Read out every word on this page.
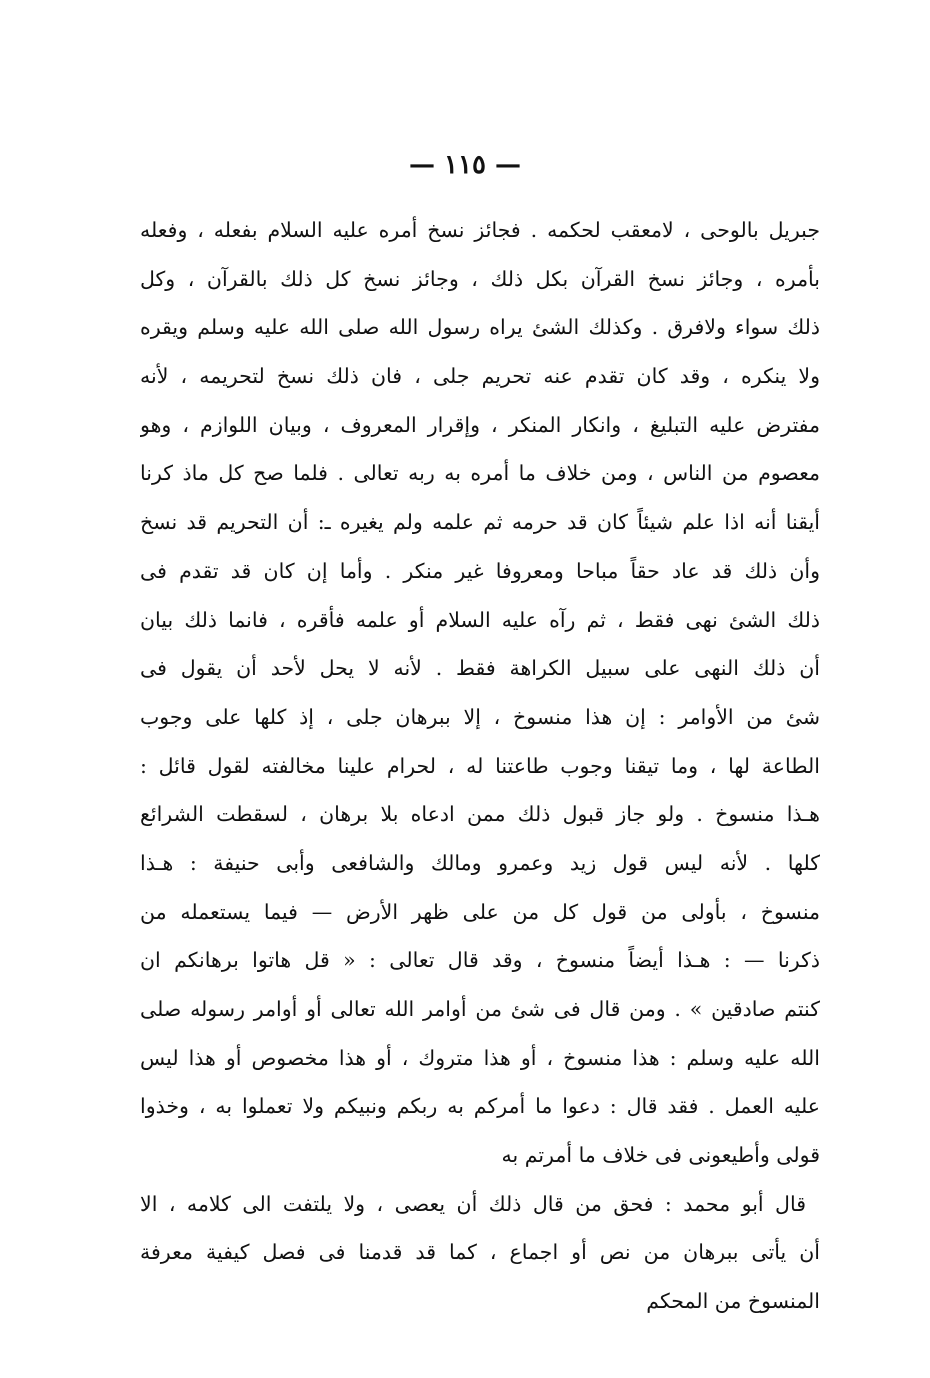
— ١١٥ —
جبريل بالوحى ، لامعقب لحكمه . فجائز نسخ أمره عليه السلام بفعله ، وفعله
بأمره ، وجائز نسخ القرآن بكل ذلك ، وجائز نسخ كل ذلك بالقرآن ، وكل
ذلك سواء ولافرق . وكذلك الشئ يراه رسول الله صلى الله عليه وسلم ويقره
ولا ينكره ، وقد كان تقدم عنه تحريم جلى ، فان ذلك نسخ لتحريمه ، لأنه
مفترض عليه التبليغ ، وانكار المنكر ، وإقرار المعروف ، وبيان اللوازم ، وهو
معصوم من الناس ، ومن خلاف ما أمره به ربه تعالى . فلما صح كل ماذ كرنا
أيقنا أنه اذا علم شيئاً كان قد حرمه ثم علمه ولم يغيره ـ: أن التحريم قد نسخ
وأن ذلك قد عاد حقاً مباحا ومعروفا غير منكر . وأما إن كان قد تقدم فى
ذلك الشئ نهى فقط ، ثم رآه عليه السلام أو علمه فأقره ، فانما ذلك بيان
أن ذلك النهى على سبيل الكراهة فقط . لأنه لا يحل لأحد أن يقول فى
شئ من الأوامر : إن هذا منسوخ ، إلا ببرهان جلى ، إذ كلها على وجوب
الطاعة لها ، وما تيقنا وجوب طاعتنا له ، لحرام علينا مخالفته لقول قائل :
هـذا منسوخ . ولو جاز قبول ذلك ممن ادعاه بلا برهان ، لسقطت الشرائع
كلها . لأنه ليس قول زيد وعمرو ومالك والشافعى وأبى حنيفة : هـذا
منسوخ ، بأولى من قول كل من على ظهر الأرض — فيما يستعمله من
ذكرنا — : هـذا أيضاً منسوخ ، وقد قال تعالى : « قل هاتوا برهانكم ان
كنتم صادقين » . ومن قال فى شئ من أوامر الله تعالى أو أوامر رسوله صلى
الله عليه وسلم : هذا منسوخ ، أو هذا متروك ، أو هذا مخصوص أو هذا ليس
عليه العمل . فقد قال : دعوا ما أمركم به ربكم ونبيكم ولا تعملوا به ، وخذوا
قولى وأطيعونى فى خلاف ما أمرتم به
قال أبو محمد : فحق من قال ذلك أن يعصى ، ولا يلتفت الى كلامه ، الا
أن يأتى ببرهان من نص أو اجماع ، كما قد قدمنا فى فصل كيفية معرفة
المنسوخ من المحكم
